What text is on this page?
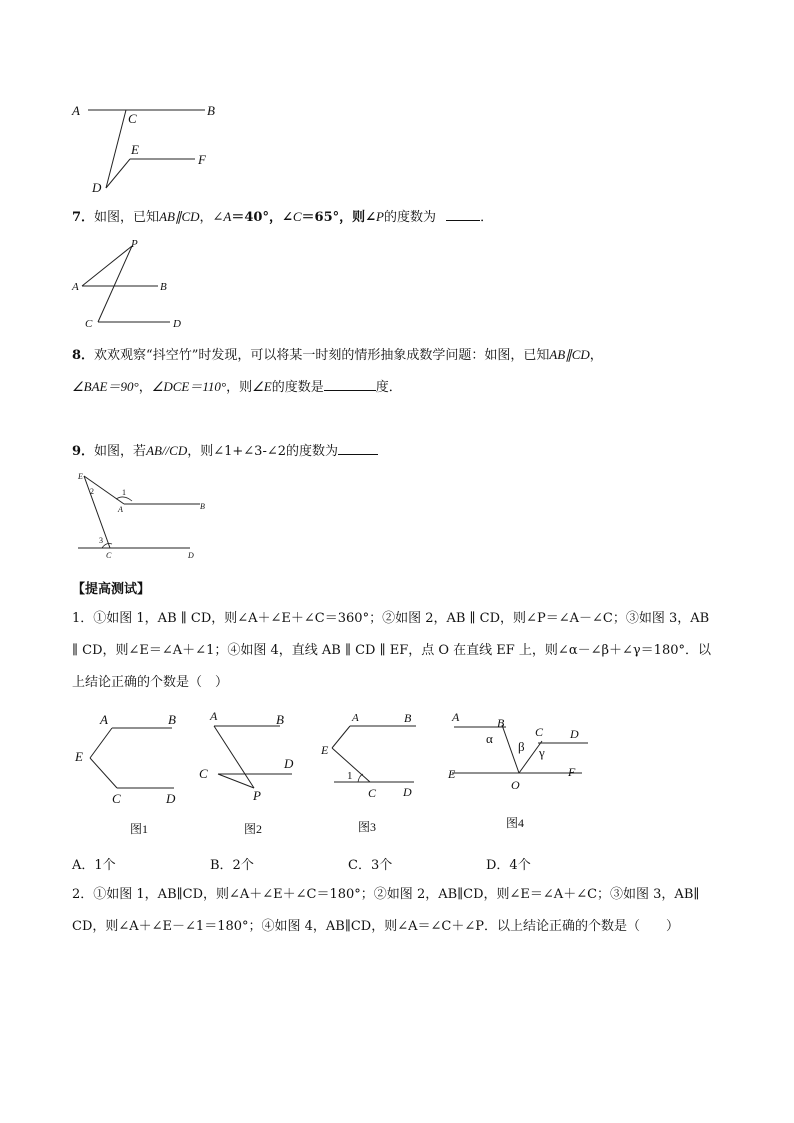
A
C
B
E
F
D
7．如图，已知AB∥CD，∠A＝40°，∠C＝65°，则∠P的度数为	．
P
A	B
C	D
8．欢欢观察“抖空竹”时发现，可以将某一时刻的情形抽象成数学问题：如图，已知AB∥CD，
∠BAE＝90°，∠DCE＝110°，则∠E的度数是	度．
9．如图，若AB//CD，则∠1+∠3-∠2的度数为
E
2	1
A	B
3
C	D
【提高测试】
1．①如图 1，AB ∥ CD，则∠A＋∠E＋∠C＝360°；②如图 2，AB ∥ CD，则∠P＝∠A－∠C；③如图 3，AB
∥ CD，则∠E＝∠A＋∠1；④如图 4，直线 AB ∥ CD ∥ EF，点 O 在直线 EF 上，则∠α－∠β＋∠γ＝180°．以
上结论正确的个数是（　）
A	B
E
C	D
图1
A	B
C
D
P
图2
A	B
E
1
C D
图3
A	B
α
β
C
γ
D
E	F
O
图4
A．1个	B．2个	C．3个	D．4个
2．①如图 1，AB∥CD，则∠A＋∠E＋∠C＝180°；②如图 2，AB∥CD，则∠E＝∠A＋∠C；③如图 3，AB∥
CD，则∠A＋∠E－∠1＝180°；④如图 4，AB∥CD，则∠A＝∠C＋∠P．以上结论正确的个数是（　　）
